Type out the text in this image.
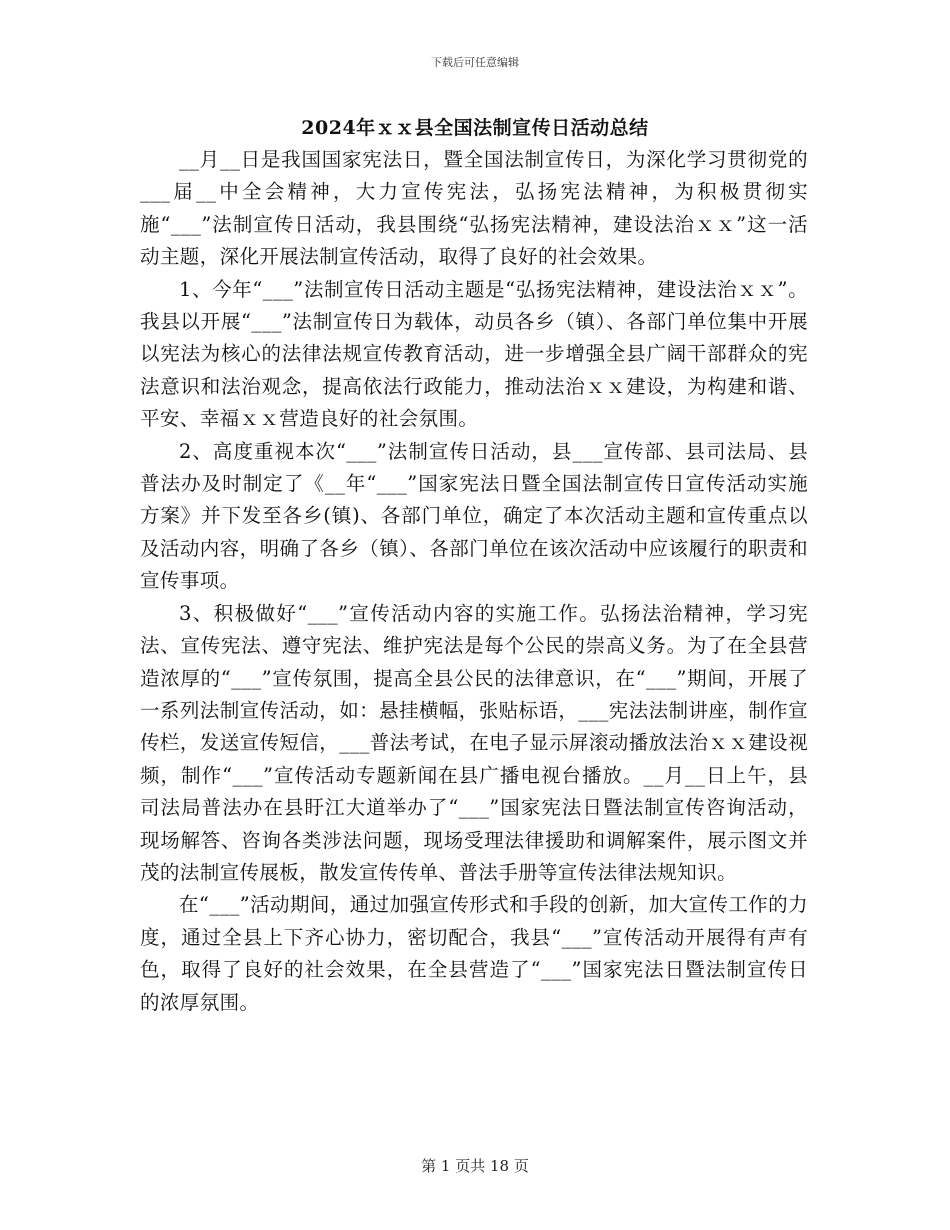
下载后可任意编辑
2024年ｘｘ县全国法制宣传日活动总结

__月__日是我国国家宪法日，暨全国法制宣传日，为深化学习贯彻党的___届__中全会精神，大力宣传宪法，弘扬宪法精神，为积极贯彻实施“___”法制宣传日活动，我县围绕“弘扬宪法精神，建设法治ｘｘ”这一活动主题，深化开展法制宣传活动，取得了良好的社会效果。

1、今年“___”法制宣传日活动主题是“弘扬宪法精神，建设法治ｘｘ”。我县以开展“___”法制宣传日为载体，动员各乡（镇）、各部门单位集中开展以宪法为核心的法律法规宣传教育活动，进一步增强全县广阔干部群众的宪法意识和法治观念，提高依法行政能力，推动法治ｘｘ建设，为构建和谐、平安、幸福ｘｘ营造良好的社会氛围。

2、高度重视本次“___”法制宣传日活动，县___宣传部、县司法局、县普法办及时制定了《__年“___”国家宪法日暨全国法制宣传日宣传活动实施方案》并下发至各乡(镇)、各部门单位，确定了本次活动主题和宣传重点以及活动内容，明确了各乡（镇）、各部门单位在该次活动中应该履行的职责和宣传事项。

3、积极做好“___”宣传活动内容的实施工作。弘扬法治精神，学习宪法、宣传宪法、遵守宪法、维护宪法是每个公民的崇高义务。为了在全县营造浓厚的“___”宣传氛围，提高全县公民的法律意识，在“___”期间，开展了一系列法制宣传活动，如：悬挂横幅，张贴标语，___宪法法制讲座，制作宣传栏，发送宣传短信，___普法考试，在电子显示屏滚动播放法治ｘｘ建设视频，制作“___”宣传活动专题新闻在县广播电视台播放。__月__日上午，县司法局普法办在县盱江大道举办了“___”国家宪法日暨法制宣传咨询活动，现场解答、咨询各类涉法问题，现场受理法律援助和调解案件，展示图文并茂的法制宣传展板，散发宣传传单、普法手册等宣传法律法规知识。

在“___”活动期间，通过加强宣传形式和手段的创新，加大宣传工作的力度，通过全县上下齐心协力，密切配合，我县“___”宣传活动开展得有声有色，取得了良好的社会效果，在全县营造了“___”国家宪法日暨法制宣传日的浓厚氛围。

第 1 页共 18 页
